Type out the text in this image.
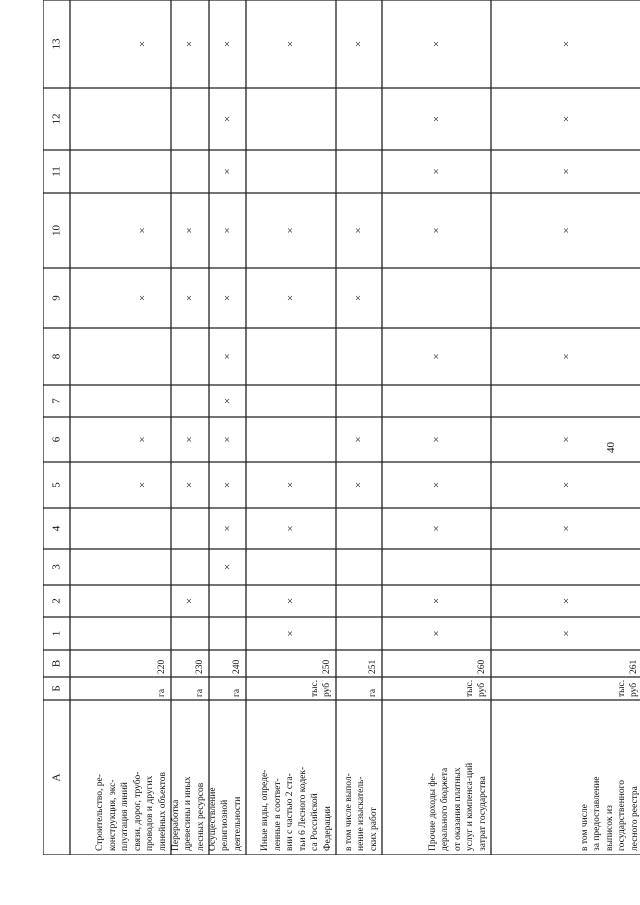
А
Б
В
1
2
3
4
5
6
7
8
9
10
11
12
13
Строительство, ре- конструкция, экс- плуатация линий связи, дорог, трубо- проводов и других линейных объектов
га
220
×
×
×
×
×
Переработка древесины и иных лесных ресурсов
га
230
×
×
×
×
×
×
Осуществление религиозной деятельности
га
240
×
×
×
×
×
×
×
×
×
×
×
Иные виды, опреде- ленные в соответ- вии с частью 2 ста- тьи 6 Лесного кодек- са Российской Федерации
тыс. руб
250
×
×
×
×
×
×
×
в том числе выпол- нение изыскатель- ских работ
га
251
×
×
×
×
×
Прочие доходы фе- дерального бюджета от оказания платных услуг и компенса-ций затрат государства
тыс. руб
260
×
×
×
×
×
×
×
×
×
×
в том числе за предоставление выписок из государственного лесного реестра
тыс. руб
261
×
×
×
×
×
×
×
×
×
×
40
